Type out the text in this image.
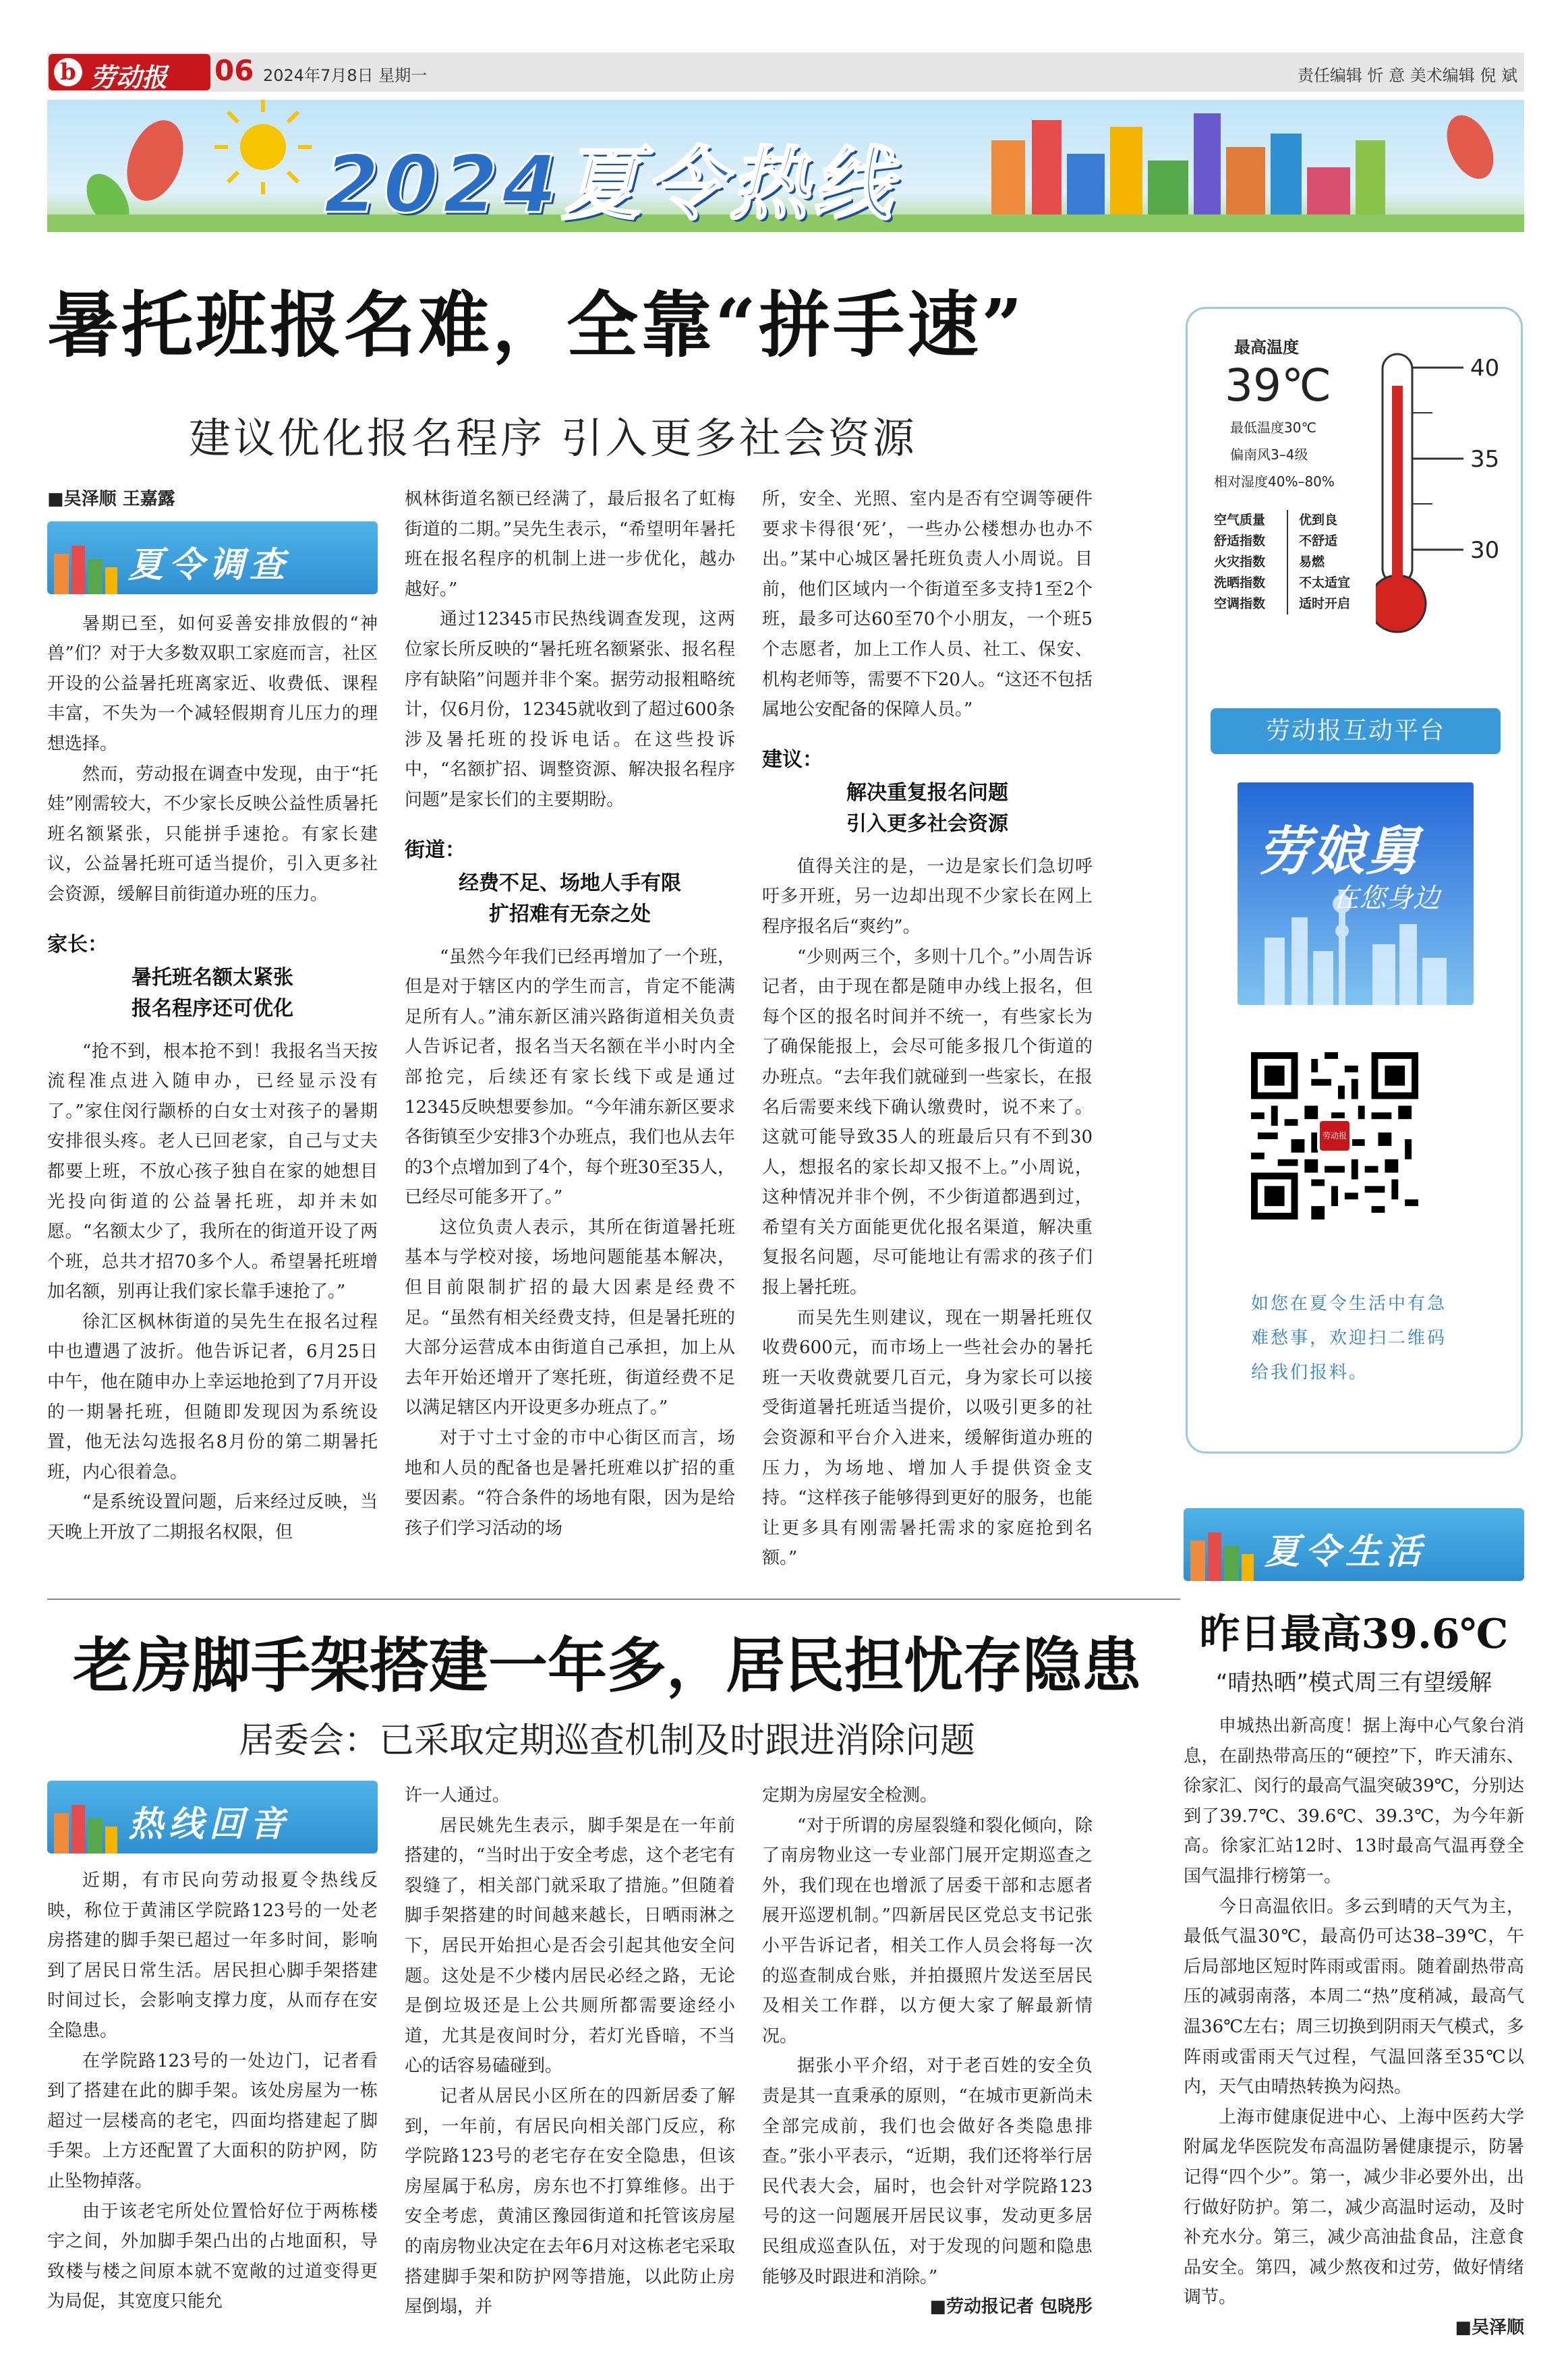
b 劳动报 06 2024年7月8日 星期一	责任编辑 忻 意 美术编辑 倪 斌
2024夏令热线
暑托班报名难，全靠“拼手速”
建议优化报名程序 引入更多社会资源

■吴泽顺 王嘉露

夏令调查

暑期已至，如何妥善安排放假的“神兽”们？对于大多数双职工家庭而言，社区开设的公益暑托班离家近、收费低、课程丰富，不失为一个减轻假期育儿压力的理想选择。

然而，劳动报在调查中发现，由于“托娃”刚需较大，不少家长反映公益性质暑托班名额紧张，只能拼手速抢。有家长建议，公益暑托班可适当提价，引入更多社会资源，缓解目前街道办班的压力。

家长：
暑托班名额太紧张
报名程序还可优化

“抢不到，根本抢不到！我报名当天按流程准点进入随申办，已经显示没有了。”家住闵行颛桥的白女士对孩子的暑期安排很头疼。老人已回老家，自己与丈夫都要上班，不放心孩子独自在家的她想目光投向街道的公益暑托班，却并未如愿。“名额太少了，我所在的街道开设了两个班，总共才招70多个人。希望暑托班增加名额，别再让我们家长靠手速抢了。”

徐汇区枫林街道的吴先生在报名过程中也遭遇了波折。他告诉记者，6月25日中午，他在随申办上幸运地抢到了7月开设的一期暑托班，但随即发现因为系统设置，他无法勾选报名8月份的第二期暑托班，内心很着急。

“是系统设置问题，后来经过反映，当天晚上开放了二期报名权限，但

枫林街道名额已经满了，最后报名了虹梅街道的二期。”吴先生表示，“希望明年暑托班在报名程序的机制上进一步优化，越办越好。”

通过12345市民热线调查发现，这两位家长所反映的“暑托班名额紧张、报名程序有缺陷”问题并非个案。据劳动报粗略统计，仅6月份，12345就收到了超过600条涉及暑托班的投诉电话。在这些投诉中，“名额扩招、调整资源、解决报名程序问题”是家长们的主要期盼。

街道：
经费不足、场地人手有限
扩招难有无奈之处

“虽然今年我们已经再增加了一个班，但是对于辖区内的学生而言，肯定不能满足所有人。”浦东新区浦兴路街道相关负责人告诉记者，报名当天名额在半小时内全部抢完，后续还有家长线下或是通过12345反映想要参加。“今年浦东新区要求各街镇至少安排3个办班点，我们也从去年的3个点增加到了4个，每个班30至35人，已经尽可能多开了。”

这位负责人表示，其所在街道暑托班基本与学校对接，场地问题能基本解决，但目前限制扩招的最大因素是经费不足。“虽然有相关经费支持，但是暑托班的大部分运营成本由街道自己承担，加上从去年开始还增开了寒托班，街道经费不足以满足辖区内开设更多办班点了。”

对于寸土寸金的市中心街区而言，场地和人员的配备也是暑托班难以扩招的重要因素。“符合条件的场地有限，因为是给孩子们学习活动的场

所，安全、光照、室内是否有空调等硬件要求卡得很‘死’，一些办公楼想办也办不出。”某中心城区暑托班负责人小周说。目前，他们区域内一个街道至多支持1至2个班，最多可达60至70个小朋友，一个班5个志愿者，加上工作人员、社工、保安、机构老师等，需要不下20人。“这还不包括属地公安配备的保障人员。”

建议：
解决重复报名问题
引入更多社会资源

值得关注的是，一边是家长们急切呼吁多开班，另一边却出现不少家长在网上程序报名后“爽约”。

“少则两三个，多则十几个。”小周告诉记者，由于现在都是随申办线上报名，但每个区的报名时间并不统一，有些家长为了确保能报上，会尽可能多报几个街道的办班点。“去年我们就碰到一些家长，在报名后需要来线下确认缴费时，说不来了。这就可能导致35人的班最后只有不到30人，想报名的家长却又报不上。”小周说，这种情况并非个例，不少街道都遇到过，希望有关方面能更优化报名渠道，解决重复报名问题，尽可能地让有需求的孩子们报上暑托班。

而吴先生则建议，现在一期暑托班仅收费600元，而市场上一些社会办的暑托班一天收费就要几百元，身为家长可以接受街道暑托班适当提价，以吸引更多的社会资源和平台介入进来，缓解街道办班的压力，为场地、增加人手提供资金支持。“这样孩子能够得到更好的服务，也能让更多具有刚需暑托需求的家庭抢到名额。”

最高温度
39℃
最低温度30℃
偏南风3–4级
相对湿度40%–80%
空气质量	优到良
舒适指数	不舒适
火灾指数	易燃
洗晒指数	不太适宜
空调指数	适时开启
40
35
30
劳动报互动平台
劳娘舅
在您身边
劳动报

如您在夏令生活中有急难愁事，欢迎扫二维码给我们报料。

夏令生活
昨日最高39.6℃
“晴热晒”模式周三有望缓解

申城热出新高度！据上海中心气象台消息，在副热带高压的“硬控”下，昨天浦东、徐家汇、闵行的最高气温突破39℃，分别达到了39.7℃、39.6℃、39.3℃，为今年新高。徐家汇站12时、13时最高气温再登全国气温排行榜第一。

今日高温依旧。多云到晴的天气为主，最低气温30℃，最高仍可达38–39℃，午后局部地区短时阵雨或雷雨。随着副热带高压的减弱南落，本周二“热”度稍减，最高气温36℃左右；周三切换到阴雨天气模式，多阵雨或雷雨天气过程，气温回落至35℃以内，天气由晴热转换为闷热。

上海市健康促进中心、上海中医药大学附属龙华医院发布高温防暑健康提示，防暑记得“四个少”。第一，减少非必要外出，出行做好防护。第二，减少高温时运动，及时补充水分。第三，减少高油盐食品，注意食品安全。第四，减少熬夜和过劳，做好情绪调节。

■吴泽顺

老房脚手架搭建一年多，居民担忧存隐患
居委会：已采取定期巡查机制及时跟进消除问题
热线回音

近期，有市民向劳动报夏令热线反映，称位于黄浦区学院路123号的一处老房搭建的脚手架已超过一年多时间，影响到了居民日常生活。居民担心脚手架搭建时间过长，会影响支撑力度，从而存在安全隐患。

在学院路123号的一处边门，记者看到了搭建在此的脚手架。该处房屋为一栋超过一层楼高的老宅，四面均搭建起了脚手架。上方还配置了大面积的防护网，防止坠物掉落。

由于该老宅所处位置恰好位于两栋楼宇之间，外加脚手架凸出的占地面积，导致楼与楼之间原本就不宽敞的过道变得更为局促，其宽度只能允

许一人通过。

居民姚先生表示，脚手架是在一年前搭建的，“当时出于安全考虑，这个老宅有裂缝了，相关部门就采取了措施。”但随着脚手架搭建的时间越来越长，日晒雨淋之下，居民开始担心是否会引起其他安全问题。这处是不少楼内居民必经之路，无论是倒垃圾还是上公共厕所都需要途经小道，尤其是夜间时分，若灯光昏暗，不当心的话容易磕碰到。

记者从居民小区所在的四新居委了解到，一年前，有居民向相关部门反应，称学院路123号的老宅存在安全隐患，但该房屋属于私房，房东也不打算维修。出于安全考虑，黄浦区豫园街道和托管该房屋的南房物业决定在去年6月对这栋老宅采取搭建脚手架和防护网等措施，以此防止房屋倒塌，并

定期为房屋安全检测。

“对于所谓的房屋裂缝和裂化倾向，除了南房物业这一专业部门展开定期巡查之外，我们现在也增派了居委干部和志愿者展开巡逻机制。”四新居民区党总支书记张小平告诉记者，相关工作人员会将每一次的巡查制成台账，并拍摄照片发送至居民及相关工作群，以方便大家了解最新情况。

据张小平介绍，对于老百姓的安全负责是其一直秉承的原则，“在城市更新尚未全部完成前，我们也会做好各类隐患排查。”张小平表示，“近期，我们还将举行居民代表大会，届时，也会针对学院路123号的这一问题展开居民议事，发动更多居民组成巡查队伍，对于发现的问题和隐患能够及时跟进和消除。”

■劳动报记者 包晓彤
